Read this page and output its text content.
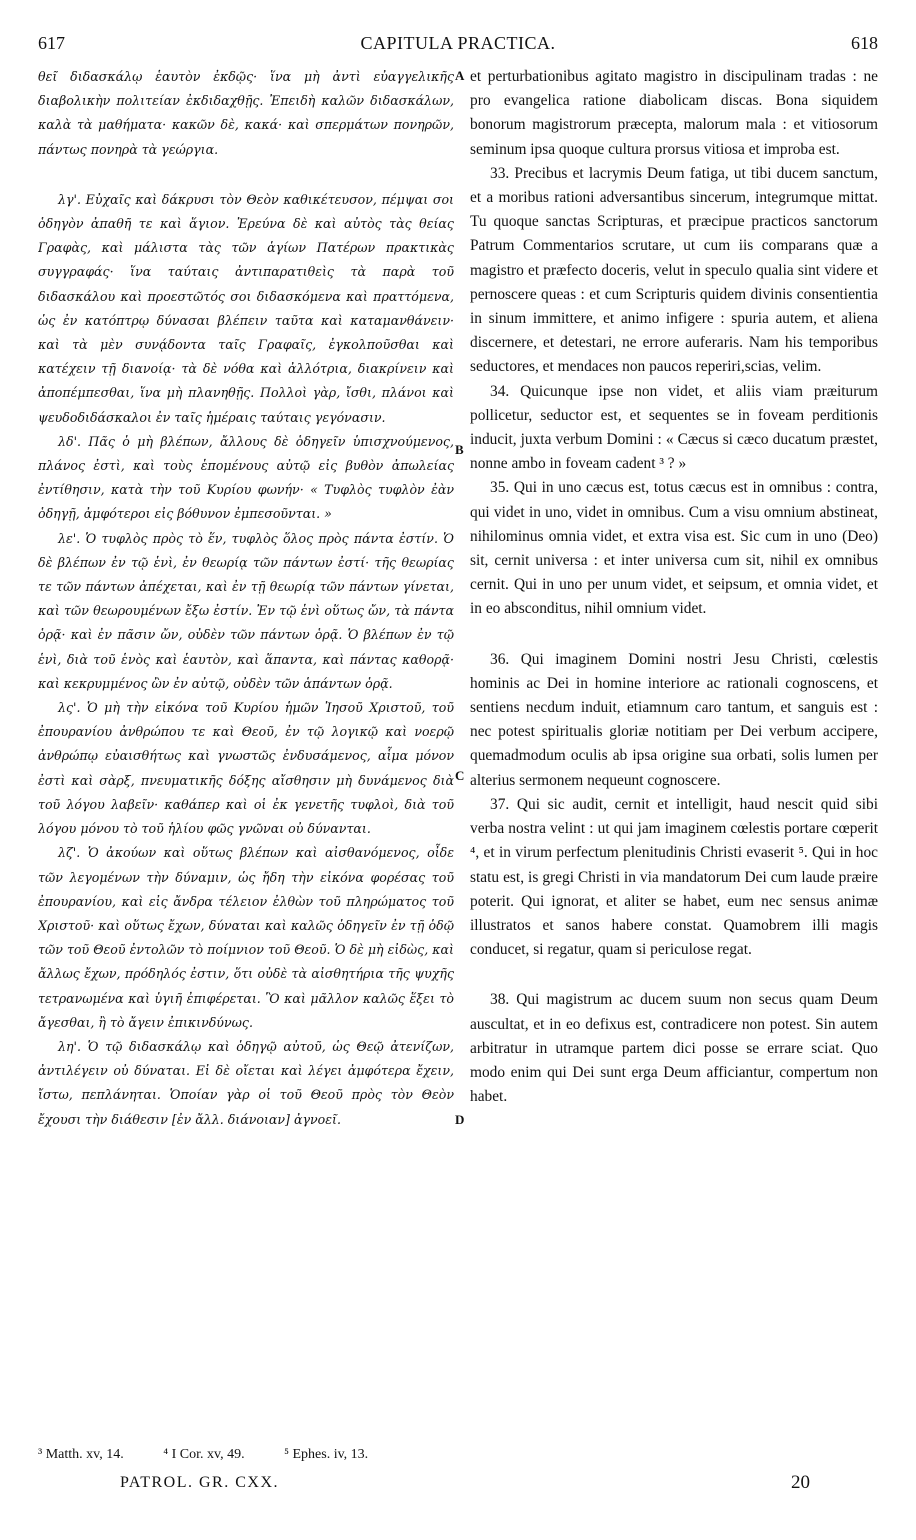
617	CAPITULA PRACTICA.	618

θεῖ διδασκάλῳ ἑαυτὸν ἐκδῷς· ἵνα μὴ ἀντὶ εὐαγγελικῆς διαβολικὴν πολιτείαν ἐκδιδαχθῇς. Ἐπειδὴ καλῶν διδασκάλων, καλὰ τὰ μαθήματα· κακῶν δὲ, κακά· καὶ σπερμάτων πονηρῶν, πάντως πονηρὰ τὰ γεώργια.

λγ'. Εὐχαῖς καὶ δάκρυσι τὸν Θεὸν καθικέτευσον, πέμψαι σοι ὁδηγὸν ἀπαθῆ τε καὶ ἅγιον. Ἐρεύνα δὲ καὶ αὐτὸς τὰς θείας Γραφὰς, καὶ μάλιστα τὰς τῶν ἁγίων Πατέρων πρακτικὰς συγγραφάς· ἵνα ταύταις ἀντιπαρατιθεὶς τὰ παρὰ τοῦ διδασκάλου καὶ προεστῶτός σοι διδασκόμενα καὶ πραττόμενα, ὡς ἐν κατόπτρῳ δύνασαι βλέπειν ταῦτα καὶ καταμανθάνειν· καὶ τὰ μὲν συνᾴδοντα ταῖς Γραφαῖς, ἐγκολποῦσθαι καὶ κατέχειν τῇ διανοίᾳ· τὰ δὲ νόθα καὶ ἀλλότρια, διακρίνειν καὶ ἀποπέμπεσθαι, ἵνα μὴ πλανηθῇς. Πολλοὶ γὰρ, ἴσθι, πλάνοι καὶ ψευδοδιδάσκαλοι ἐν ταῖς ἡμέραις ταύταις γεγόνασιν.

λδ'. Πᾶς ὁ μὴ βλέπων, ἄλλους δὲ ὁδηγεῖν ὑπισχνούμενος, πλάνος ἐστὶ, καὶ τοὺς ἑπομένους αὐτῷ εἰς βυθὸν ἀπωλείας ἐντίθησιν, κατὰ τὴν τοῦ Κυρίου φωνήν· « Τυφλὸς τυφλὸν ἐὰν ὁδηγῇ, ἀμφότεροι εἰς βόθυνον ἐμπεσοῦνται. »

λε'. Ὁ τυφλὸς πρὸς τὸ ἕν, τυφλὸς ὅλος πρὸς πάντα ἐστίν. Ὁ δὲ βλέπων ἐν τῷ ἑνὶ, ἐν θεωρίᾳ τῶν πάντων ἐστί· τῆς θεωρίας τε τῶν πάντων ἀπέχεται, καὶ ἐν τῇ θεωρίᾳ τῶν πάντων γίνεται, καὶ τῶν θεωρουμένων ἔξω ἐστίν. Ἐν τῷ ἑνὶ οὕτως ὤν, τὰ πάντα ὁρᾷ· καὶ ἐν πᾶσιν ὤν, οὐδὲν τῶν πάντων ὁρᾷ. Ὁ βλέπων ἐν τῷ ἑνὶ, διὰ τοῦ ἑνὸς καὶ ἑαυτὸν, καὶ ἅπαντα, καὶ πάντας καθορᾷ· καὶ κεκρυμμένος ὢν ἐν αὐτῷ, οὐδὲν τῶν ἁπάντων ὁρᾷ.

λς'. Ὁ μὴ τὴν εἰκόνα τοῦ Κυρίου ἡμῶν Ἰησοῦ Χριστοῦ, τοῦ ἐπουρανίου ἀνθρώπου τε καὶ Θεοῦ, ἐν τῷ λογικῷ καὶ νοερῷ ἀνθρώπῳ εὐαισθήτως καὶ γνωστῶς ἐνδυσάμενος, αἷμα μόνον ἐστὶ καὶ σὰρξ, πνευματικῆς δόξης αἴσθησιν μὴ δυνάμενος διὰ τοῦ λόγου λαβεῖν· καθάπερ καὶ οἱ ἐκ γενετῆς τυφλοὶ, διὰ τοῦ λόγου μόνου τὸ τοῦ ἡλίου φῶς γνῶναι οὐ δύνανται.

λζ'. Ὁ ἀκούων καὶ οὕτως βλέπων καὶ αἰσθανόμενος, οἶδε τῶν λεγομένων τὴν δύναμιν, ὡς ἤδη τὴν εἰκόνα φορέσας τοῦ ἐπουρανίου, καὶ εἰς ἄνδρα τέλειον ἐλθὼν τοῦ πληρώματος τοῦ Χριστοῦ· καὶ οὕτως ἔχων, δύναται καὶ καλῶς ὁδηγεῖν ἐν τῇ ὁδῷ τῶν τοῦ Θεοῦ ἐντολῶν τὸ ποίμνιον τοῦ Θεοῦ. Ὁ δὲ μὴ εἰδὼς, καὶ ἄλλως ἔχων, πρόδηλός ἐστιν, ὅτι οὐδὲ τὰ αἰσθητήρια τῆς ψυχῆς τετρανωμένα καὶ ὑγιῆ ἐπιφέρεται. Ὃ καὶ μᾶλλον καλῶς ἕξει τὸ ἄγεσθαι, ἢ τὸ ἄγειν ἐπικινδύνως.

λη'. Ὁ τῷ διδασκάλῳ καὶ ὁδηγῷ αὐτοῦ, ὡς Θεῷ ἀτενίζων, ἀντιλέγειν οὐ δύναται. Εἰ δὲ οἴεται καὶ λέγει ἀμφότερα ἔχειν, ἴστω, πεπλάνηται. Ὁποίαν γὰρ οἱ τοῦ Θεοῦ πρὸς τὸν Θεὸν ἔχουσι τὴν διάθεσιν [ἐν ἄλλ. διάνοιαν] ἀγνοεῖ.

A
B
C
D

et perturbationibus agitato magistro in discipulinam tradas : ne pro evangelica ratione diabolicam discas. Bona siquidem bonorum magistrorum præcepta, malorum mala : et vitiosorum seminum ipsa quoque cultura prorsus vitiosa et improba est.

33. Precibus et lacrymis Deum fatiga, ut tibi ducem sanctum, et a moribus rationi adversantibus sincerum, integrumque mittat. Tu quoque sanctas Scripturas, et præcipue practicos sanctorum Patrum Commentarios scrutare, ut cum iis comparans quæ a magistro et præfecto doceris, velut in speculo qualia sint videre et pernoscere queas : et cum Scripturis quidem divinis consentientia in sinum immittere, et animo infigere : spuria autem, et aliena discernere, et detestari, ne errore auferaris. Nam his temporibus seductores, et mendaces non paucos reperiri,scias, velim.

34. Quicunque ipse non videt, et aliis viam præiturum pollicetur, seductor est, et sequentes se in foveam perditionis inducit, juxta verbum Domini : « Cæcus si cæco ducatum præstet, nonne ambo in foveam cadent ³ ? »

35. Qui in uno cæcus est, totus cæcus est in omnibus : contra, qui videt in uno, videt in omnibus. Cum a visu omnium abstineat, nihilominus omnia videt, et extra visa est. Sic cum in uno (Deo) sit, cernit universa : et inter universa cum sit, nihil ex omnibus cernit. Qui in uno per unum videt, et seipsum, et omnia videt, et in eo absconditus, nihil omnium videt.

36. Qui imaginem Domini nostri Jesu Christi, cœlestis hominis ac Dei in homine interiore ac rationali cognoscens, et sentiens necdum induit, etiamnum caro tantum, et sanguis est : nec potest spiritualis gloriæ notitiam per Dei verbum accipere, quemadmodum oculis ab ipsa origine sua orbati, solis lumen per alterius sermonem nequeunt cognoscere.

37. Qui sic audit, cernit et intelligit, haud nescit quid sibi verba nostra velint : ut qui jam imaginem cœlestis portare cœperit ⁴, et in virum perfectum plenitudinis Christi evaserit ⁵. Qui in hoc statu est, is gregi Christi in via mandatorum Dei cum laude præire poterit. Qui ignorat, et aliter se habet, eum nec sensus animæ illustratos et sanos habere constat. Quamobrem illi magis conducet, si regatur, quam si periculose regat.

38. Qui magistrum ac ducem suum non secus quam Deum auscultat, et in eo defixus est, contradicere non potest. Sin autem arbitratur in utramque partem dici posse se errare sciat. Quo modo enim qui Dei sunt erga Deum afficiantur, compertum non habet.

³ Matth. xv, 14.	⁴ I Cor. xv, 49.	⁵ Ephes. iv, 13.
PATROL. GR. CXX.	20
